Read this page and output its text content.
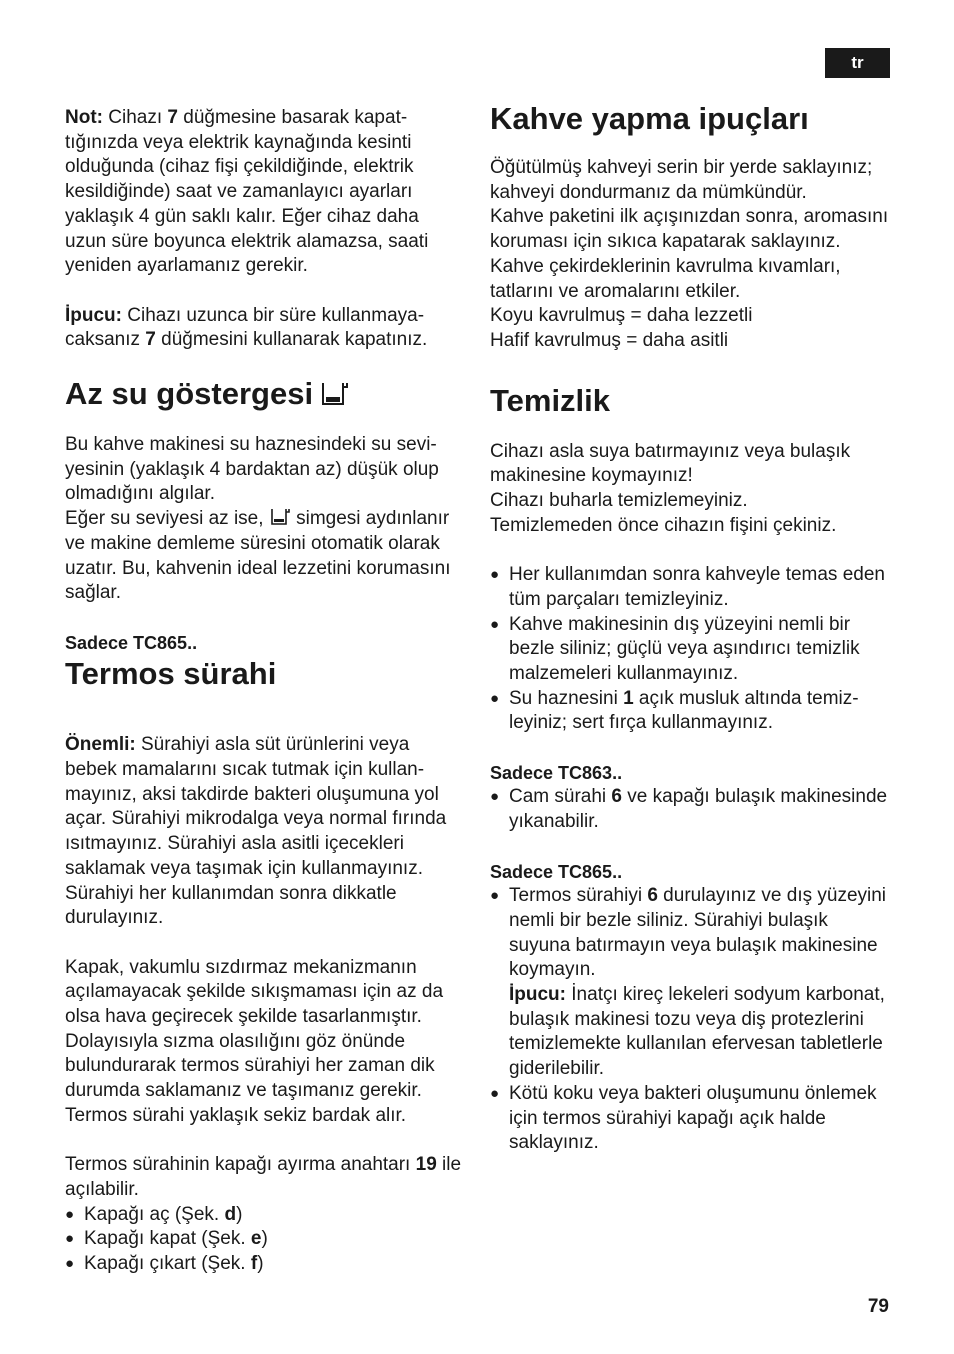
tr

Not: Cihazı 7 düğmesine basarak kapattığınızda veya elektrik kaynağında kesinti olduğunda (cihaz fişi çekildiğinde, elektrik kesildiğinde) saat ve zamanlayıcı ayarları yaklaşık 4 gün saklı kalır. Eğer cihaz daha uzun süre boyunca elektrik alamazsa, saati yeniden ayarlamanız gerekir.

İpucu: Cihazı uzunca bir süre kullanmayacaksanız 7 düğmesini kullanarak kapatınız.

Az su göstergesi

Bu kahve makinesi su haznesindeki su seviyesinin (yaklaşık 4 bardaktan az) düşük olup olmadığını algılar.

Eğer su seviyesi az ise,  simgesi aydınlanır ve makine demleme süresini otomatik olarak uzatır. Bu, kahvenin ideal lezzetini korumasını sağlar.

Sadece TC865..

Termos sürahi

Önemli: Sürahiyi asla süt ürünlerini veya bebek mamalarını sıcak tutmak için kullanmayınız, aksi takdirde bakteri oluşumuna yol açar. Sürahiyi mikrodalga veya normal fırında ısıtmayınız. Sürahiyi asla asitli içecekleri saklamak veya taşımak için kullanmayınız. Sürahiyi her kullanımdan sonra dikkatle durulayınız.

Kapak, vakumlu sızdırmaz mekanizmanın açılamayacak şekilde sıkışmaması için az da olsa hava geçirecek şekilde tasarlanmıştır. Dolayısıyla sızma olasılığını göz önünde bulundurarak termos sürahiyi her zaman dik durumda saklamanız ve taşımanız gerekir. Termos sürahi yaklaşık sekiz bardak alır.

Termos sürahinin kapağı ayırma anahtarı 19 ile açılabilir.

● Kapağı aç (Şek. d)
● Kapağı kapat (Şek. e)
● Kapağı çıkart (Şek. f)
Kahve yapma ipuçları

Öğütülmüş kahveyi serin bir yerde saklayınız; kahveyi dondurmanız da mümkündür.

Kahve paketini ilk açışınızdan sonra, aromasını koruması için sıkıca kapatarak saklayınız.

Kahve çekirdeklerinin kavrulma kıvamları, tatlarını ve aromalarını etkiler.

Koyu kavrulmuş = daha lezzetli

Hafif kavrulmuş = daha asitli

Temizlik

Cihazı asla suya batırmayınız veya bulaşık makinesine koymayınız!

Cihazı buharla temizlemeyiniz.

Temizlemeden önce cihazın fişini çekiniz.

● Her kullanımdan sonra kahveyle temas eden tüm parçaları temizleyiniz.
● Kahve makinesinin dış yüzeyini nemli bir bezle siliniz; güçlü veya aşındırıcı temizlik malzemeleri kullanmayınız.
● Su haznesini 1 açık musluk altında temizleyiniz; sert fırça kullanmayınız.

Sadece TC863..

● Cam sürahi 6 ve kapağı bulaşık makinesinde yıkanabilir.

Sadece TC865..

● Termos sürahiyi 6 durulayınız ve dış yüzeyini nemli bir bezle siliniz. Sürahiyi bulaşık suyuna batırmayın veya bulaşık makinesine koymayın.
İpucu: İnatçı kireç lekeleri sodyum karbonat, bulaşık makinesi tozu veya diş protezlerini temizlemekte kullanılan efervesan tabletlerle giderilebilir.
● Kötü koku veya bakteri oluşumunu önlemek için termos sürahiyi kapağı açık halde saklayınız.
79
